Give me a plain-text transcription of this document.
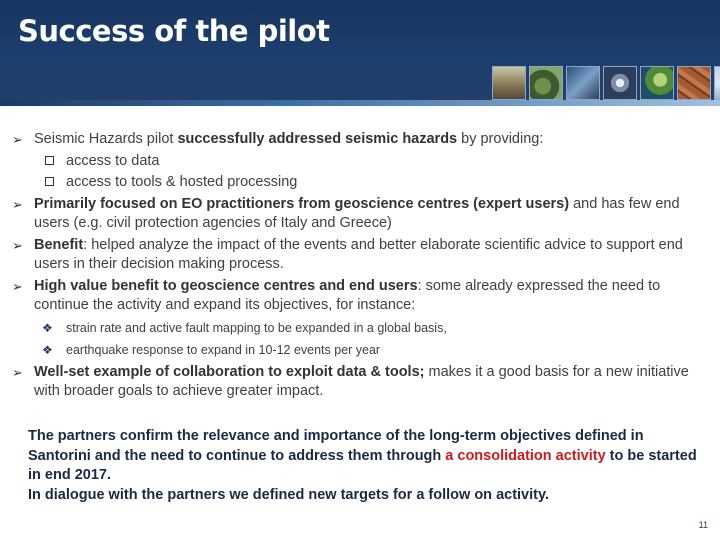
Success of the pilot
➢ Seismic Hazards pilot successfully addressed seismic hazards by providing:
access to data
access to tools & hosted processing
➢ Primarily focused on EO practitioners from geoscience centres (expert users) and has few end users (e.g. civil protection agencies of Italy and Greece)
➢ Benefit: helped analyze the impact of the events and better elaborate scientific advice to support end users in their decision making process.
➢ High value benefit to geoscience centres and end users: some already expressed the need to continue the activity and expand its objectives, for instance:
❖ strain rate and active fault mapping to be expanded in a global basis,
❖ earthquake response to expand in 10-12 events per year
➢ Well-set example of collaboration to exploit data & tools; makes it a good basis for a new initiative with broader goals to achieve greater impact.
The partners confirm the relevance and importance of the long-term objectives defined in Santorini and the need to continue to address them through a consolidation activity to be started in end 2017.
In dialogue with the partners we defined new targets for a follow on activity.
11
